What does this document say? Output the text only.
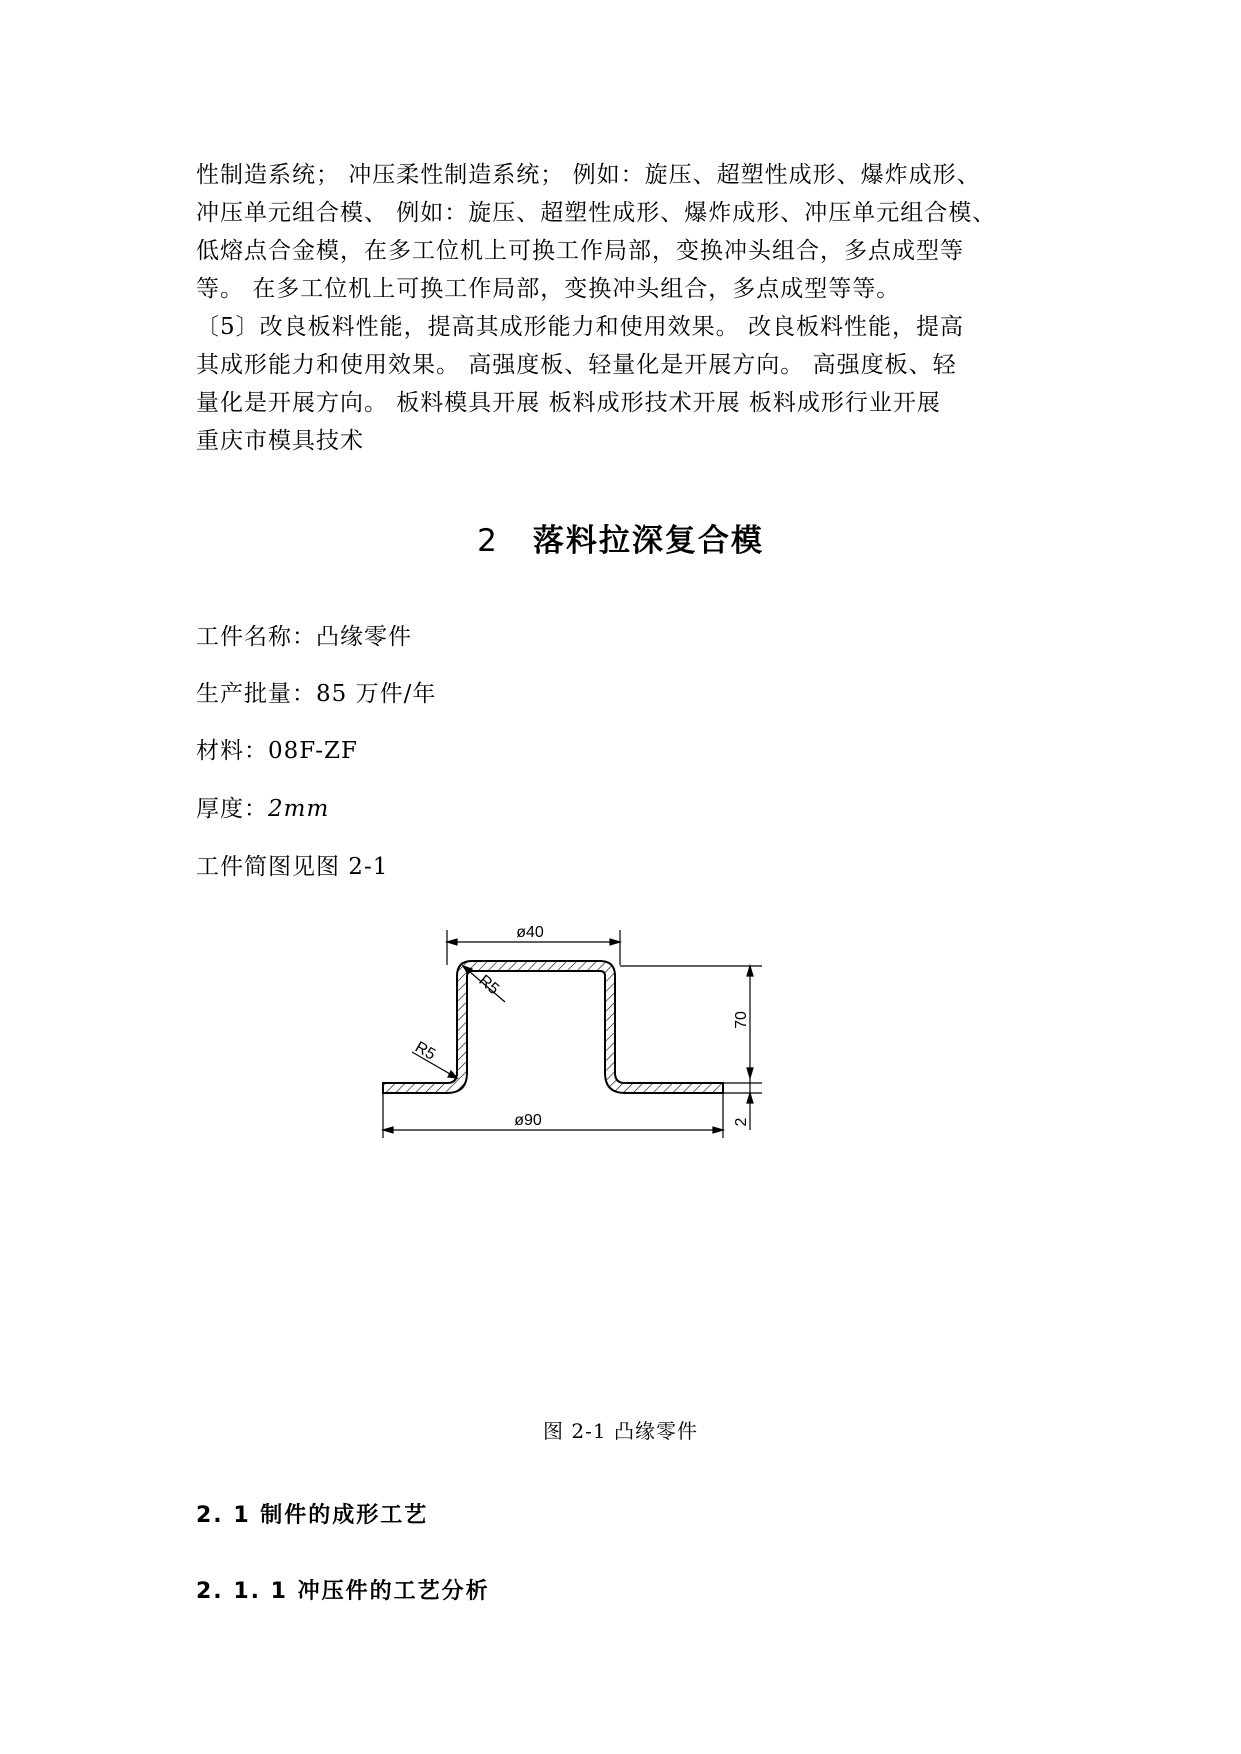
性制造系统； 冲压柔性制造系统； 例如：旋压、超塑性成形、爆炸成形、
冲压单元组合模、 例如：旋压、超塑性成形、爆炸成形、冲压单元组合模、
低熔点合金模，在多工位机上可换工作局部，变换冲头组合，多点成型等
等。 在多工位机上可换工作局部，变换冲头组合，多点成型等等。
〔5〕改良板料性能，提高其成形能力和使用效果。 改良板料性能，提高
其成形能力和使用效果。 高强度板、轻量化是开展方向。 高强度板、轻
量化是开展方向。 板料模具开展 板料成形技术开展 板料成形行业开展
重庆市模具技术
2 落料拉深复合模
工件名称：凸缘零件
生产批量：85 万件/年
材料：08F-ZF
厚度：2mm
工件简图见图 2-1
ø40
70
2
ø90
R5
R5
图 2-1 凸缘零件
2. 1 制件的成形工艺
2. 1. 1 冲压件的工艺分析
